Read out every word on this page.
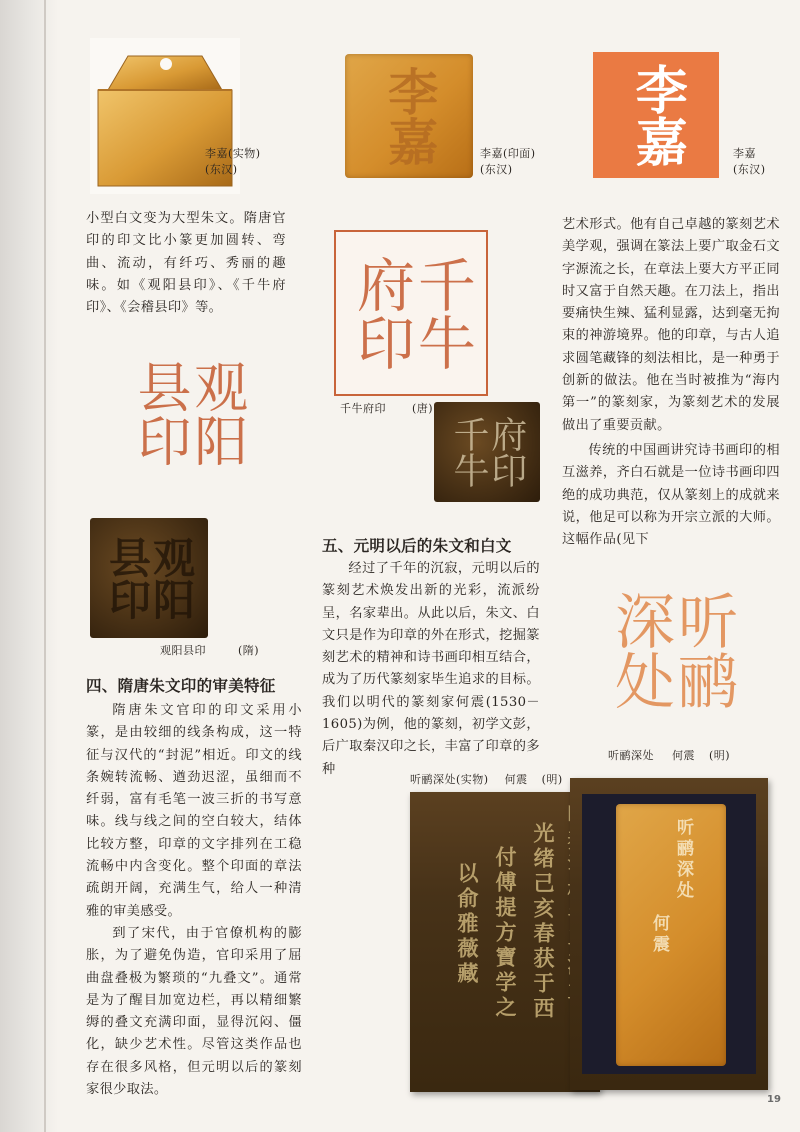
李嘉(实物)
(东汉)
李嘉	李嘉(印面)
(东汉)
李嘉	李嘉
(东汉)
小型白文变为大型朱文。隋唐官印的印文比小篆更加圆转、弯曲、流动，有纤巧、秀丽的趣味。如《观阳县印》、《千牛府印》、《会稽县印》等。
观阳县印
观阳县印
观阳县印	(隋)
四、隋唐朱文印的审美特征
隋唐朱文官印的印文采用小篆，是由较细的线条构成，这一特征与汉代的“封泥”相近。印文的线条婉转流畅、遒劲迟涩，虽细而不纤弱，富有毛笔一波三折的书写意味。线与线之间的空白较大，结体比较方整，印章的文字排列在工稳流畅中内含变化。整个印面的章法疏朗开阔，充满生气，给人一种清雅的审美感受。
到了宋代，由于官僚机构的膨胀，为了避免伪造，官印采用了屈曲盘叠极为繁琐的“九叠文”。通常是为了醒目加宽边栏，再以精细繁缛的叠文充满印面，显得沉闷、僵化，缺少艺术性。尽管这类作品也存在很多风格，但元明以后的篆刻家很少取法。
千牛府印
千牛府印 (唐)
府印千牛
五、元明以后的朱文和白文
经过了千年的沉寂，元明以后的篆刻艺术焕发出新的光彩，流派纷呈，名家辈出。从此以后，朱文、白文只是作为印章的外在形式，挖掘篆刻艺术的精神和诗书画印相互结合，成为了历代篆刻家毕生追求的目标。我们以明代的篆刻家何震(1530－1605)为例，他的篆刻，初学文彭，后广取秦汉印之长，丰富了印章的多种
艺术形式。他有自己卓越的篆刻艺术美学观，强调在篆法上要广取金石文字源流之长，在章法上要大方平正同时又富于自然天趣。在刀法上，指出要痛快生辣、猛利显露，达到毫无拘束的神游境界。他的印章，与古人追求圆笔藏锋的刻法相比，是一种勇于创新的做法。他在当时被推为“海内第一”的篆刻家，为篆刻艺术的发展做出了重要贡献。
传统的中国画讲究诗书画印的相互滋养，齐白石就是一位诗书画印四绝的成功典范，仅从篆刻上的成就来说，他足可以称为开宗立派的大师。这幅作品(见下
听鹂深处
听鹂深处 何震 (明)
听鹂深处(实物) 何震 (明)
光绪己亥春获于西
付傅提方寶学之
以俞雅薇藏
听鹂深处
何震
19
